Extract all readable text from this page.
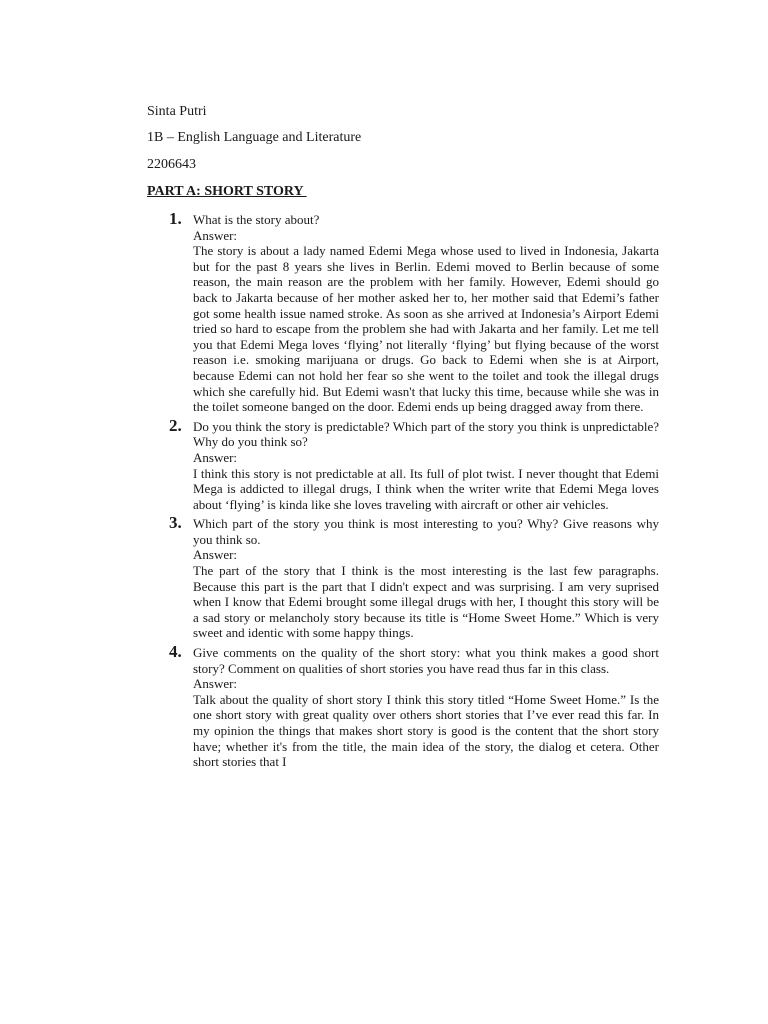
Sinta Putri
1B – English Language and Literature
2206643
PART A: SHORT STORY
1. What is the story about?

Answer:

The story is about a lady named Edemi Mega whose used to lived in Indonesia, Jakarta but for the past 8 years she lives in Berlin. Edemi moved to Berlin because of some reason, the main reason are the problem with her family. However, Edemi should go back to Jakarta because of her mother asked her to, her mother said that Edemi’s father got some health issue named stroke. As soon as she arrived at Indonesia’s Airport Edemi tried so hard to escape from the problem she had with Jakarta and her family. Let me tell you that Edemi Mega loves ‘flying’ not literally ‘flying’ but flying because of the worst reason i.e. smoking marijuana or drugs. Go back to Edemi when she is at Airport, because Edemi can not hold her fear so she went to the toilet and took the illegal drugs which she carefully hid. But Edemi wasn't that lucky this time, because while she was in the toilet someone banged on the door. Edemi ends up being dragged away from there.

2. Do you think the story is predictable? Which part of the story you think is unpredictable? Why do you think so?

Answer:

I think this story is not predictable at all. Its full of plot twist. I never thought that Edemi Mega is addicted to illegal drugs, I think when the writer write that Edemi Mega loves about ‘flying’ is kinda like she loves traveling with aircraft or other air vehicles.

3. Which part of the story you think is most interesting to you? Why? Give reasons why you think so.

Answer:

The part of the story that I think is the most interesting is the last few paragraphs. Because this part is the part that I didn't expect and was surprising. I am very suprised when I know that Edemi brought some illegal drugs with her, I thought this story will be a sad story or melancholy story because its title is “Home Sweet Home.” Which is very sweet and identic with some happy things.

4. Give comments on the quality of the short story: what you think makes a good short story? Comment on qualities of short stories you have read thus far in this class.

Answer:

Talk about the quality of short story I think this story titled “Home Sweet Home.” Is the one short story with great quality over others short stories that I’ve ever read this far. In my opinion the things that makes short story is good is the content that the short story have; whether it's from the title, the main idea of the story, the dialog et cetera. Other short stories that I
